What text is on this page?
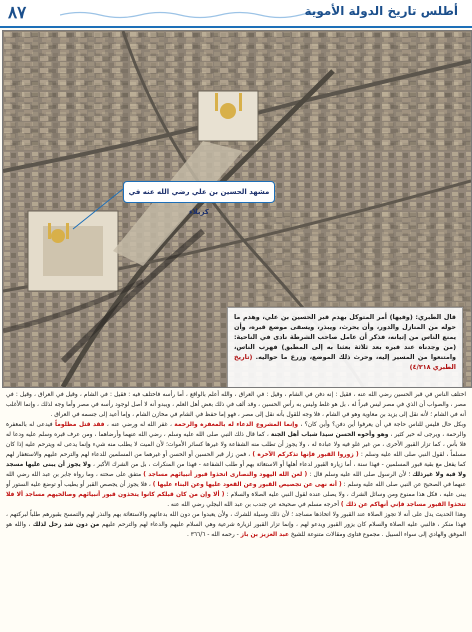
٨٧	أطلس تاريخ الدولة الأموية
مشهد الحسين بن علي رضي الله عنه في كربلاء
قال الطبري: (وفيها) أمر المتوكل بهدم قبر الحسين بن علي، وهدم ما حوله من المنازل والدور، وأن يحرث، ويبذر، ويسقى موضع قبره، وأن يمنع الناس من إتيانه، فذكر أن عامل صاحب الشرطة نادى في الناحية: (من وجدناه عند قبره بعد ثلاثة بعثنا به إلى المطبق) فهرب الناس، وامتنعوا من المسير إليه، وحرث ذلك الموضع، وزرع ما حواليه. (تاريخ الطبري ٤/٢١٨)

اختلف الناس في قبر الحسين رضي الله عنه ، فقيل : إنه دفن في الشام ، وقيل : في العراق ، والله أعلم بالواقع ، أما رأسه فاختلف فيه : فقيل : في الشام ، وقيل في العراق ، وقيل : في مصر ، والصواب أن الذي في مصر ليس قبراً له ، بل هو غلط وليس به رأس الحسين ، وقد ألف في ذلك بعض أهل العلم ، ويبدو أنه لا أصل لوجود رأسه في مصر وأما وجه لذلك ، وإنما الأغلب أنه في الشام ؛ لأنه نقل إلى يزيد بن معاوية وهو في الشام ، فلا وجه للقول بأنه نقل إلى مصر ، فهو إما حفظ في الشام في مخازن الشام ، وإما أعيد إلى جسمه في العراق .

وبكل حال فليس للناس حاجة في أن يعرفوا أين دفن؟ وأين كان؟ ، وإنما المشروع الدعاء له بالمغفرة والرحمة ، غفر الله له ورضي عنه ، فقد قتل مظلوماً فيدعى له بالمغفرة والرحمة ، ويرجى له خير كثير ، وهو وأخوه الحسن سيدا شباب أهل الجنة ، كما قال ذلك النبي صلى الله عليه وسلم ، رضي الله عنهما وأرضاهما ، ومن عرف قبره وسلم عليه ودعا له فلا بأس ، كما تزار القبور الأخرى ، من غير غلو فيه ولا عبادة له ، ولا يجوز أن تطلب منه الشفاعة ولا غيرها كسائر الأموات؛ لأن الميت لا يطلب منه شيء وإنما يدعى له ويترحم عليه إذا كان مسلماً ، لقول النبي صلى الله عليه وسلم : ( زوروا القبور فإنها تذكركم الآخرة ) ، فمن زار قبر الحسين أو الحسن أو غيرهما من المسلمين للدعاء لهم والترحم عليهم والاستغفار لهم كما يفعل مع بقية قبور المسلمين - فهذا سنة ، أما زيارة القبور لدعاء أهلها أو الاستغاثة بهم أو طلب الشفاعة - فهذا من المنكرات ، بل من الشرك الأكبر ، ولا يجوز أن يبنى عليها مسجد ولا قبة ولا غيرذلك ؛ لأن الرسول صلى الله عليه وسلم قال : ( لعن الله اليهود والنصارى اتخذوا قبور أنبيائهم مساجد ) متفق على صحته ، وما رواه جابر بن عبد الله رضي الله عنهما في الصحيح عن النبي صلى الله عليه وسلم : ( أنه نهى عن تجصيص القبور وعن القعود عليها وعن البناء عليها ) ، فلا يجوز أن يجصص القبر أو يطيب أو توضع عليه الستور أو يبنى عليه ، فكل هذا ممنوع ومن وسائل الشرك ، ولا يصلى عنده لقول النبي عليه الصلاة والسلام : ( ألا وإن من كان قبلكم كانوا يتخذون قبور أنبيائهم وصالحيهم مساجد ألا فلا تتخذوا القبور مساجد فإني أنهاكم عن ذلك ) أخرجه مسلم في صحيحه عن جندب بن عبد الله البجلي رضي الله عنه .

وهذا الحديث يدل على أنه لا تجوز الصلاة عند القبور ولا اتخاذها مساجد ؛ لأن ذلك وسيلة للشرك ، ولأن يعبدوا من دون الله بدعائهم والاستغاثة بهم والنذر لهم والتمسح بقبورهم طلباً لبركتهم ، فهذا منكر ، فالنبي عليه الصلاة والسلام كان يزور القبور ويدعو لهم ، وإنما تزار القبور لزيارة شرعية وهي السلام عليهم والدعاء لهم والترحم عليهم من دون شد رحل لذلك ، والله هو الموفق والهادي إلى سواء السبيل . مجموع فتاوى ومقالات متنوعة للشيخ عبد العزيز بن باز - رحمه الله - ٣٦٦/٦ .
